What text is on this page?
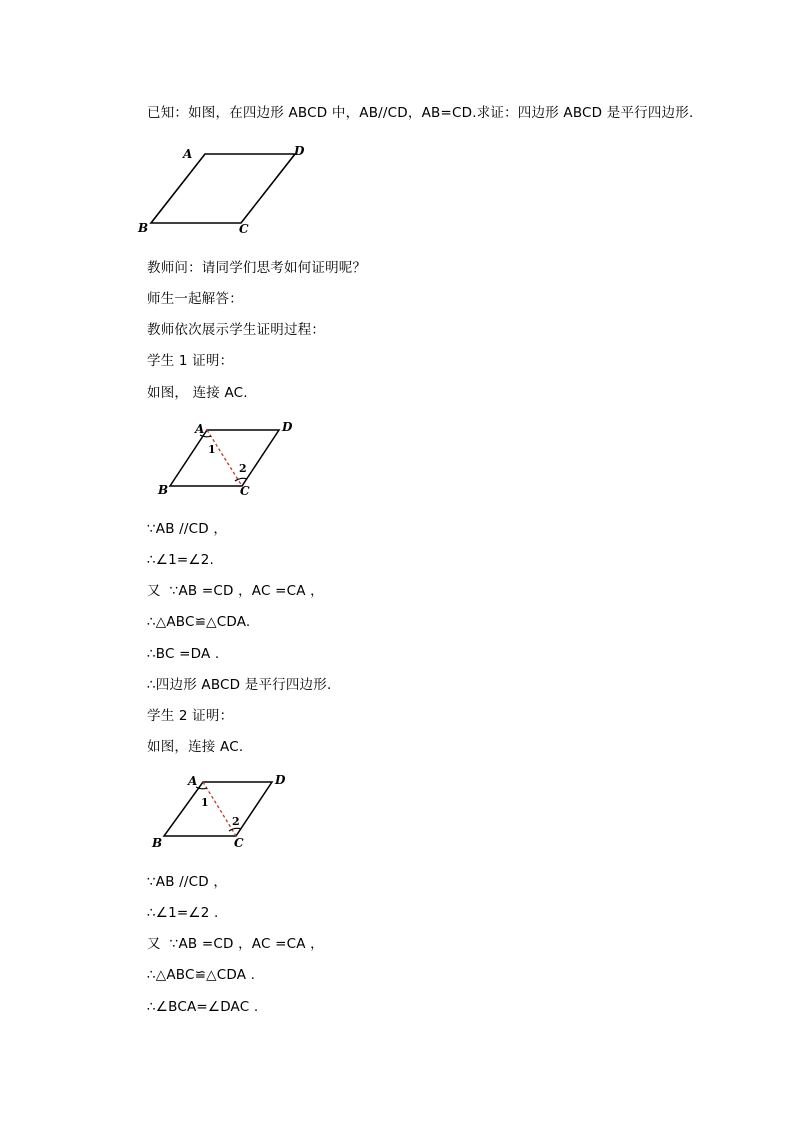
已知：如图，在四边形 ABCD 中，AB//CD，AB=CD.求证：四边形 ABCD 是平行四边形.
A	D
B	C
教师问：请同学们思考如何证明呢？
师生一起解答：
教师依次展示学生证明过程：
学生 1 证明：
如图， 连接 AC.
A	D
B	C
1
2
∵AB //CD ，
∴∠1=∠2.
又  ∵AB =CD ，AC =CA ，
∴△ABC≌△CDA.
∴BC =DA .
∴四边形 ABCD 是平行四边形.
学生 2 证明：
如图，连接 AC.
A	D
B	C
1
2
∵AB //CD ，
∴∠1=∠2 .
又  ∵AB =CD ，AC =CA ，
∴△ABC≌△CDA .
∴∠BCA=∠DAC .
